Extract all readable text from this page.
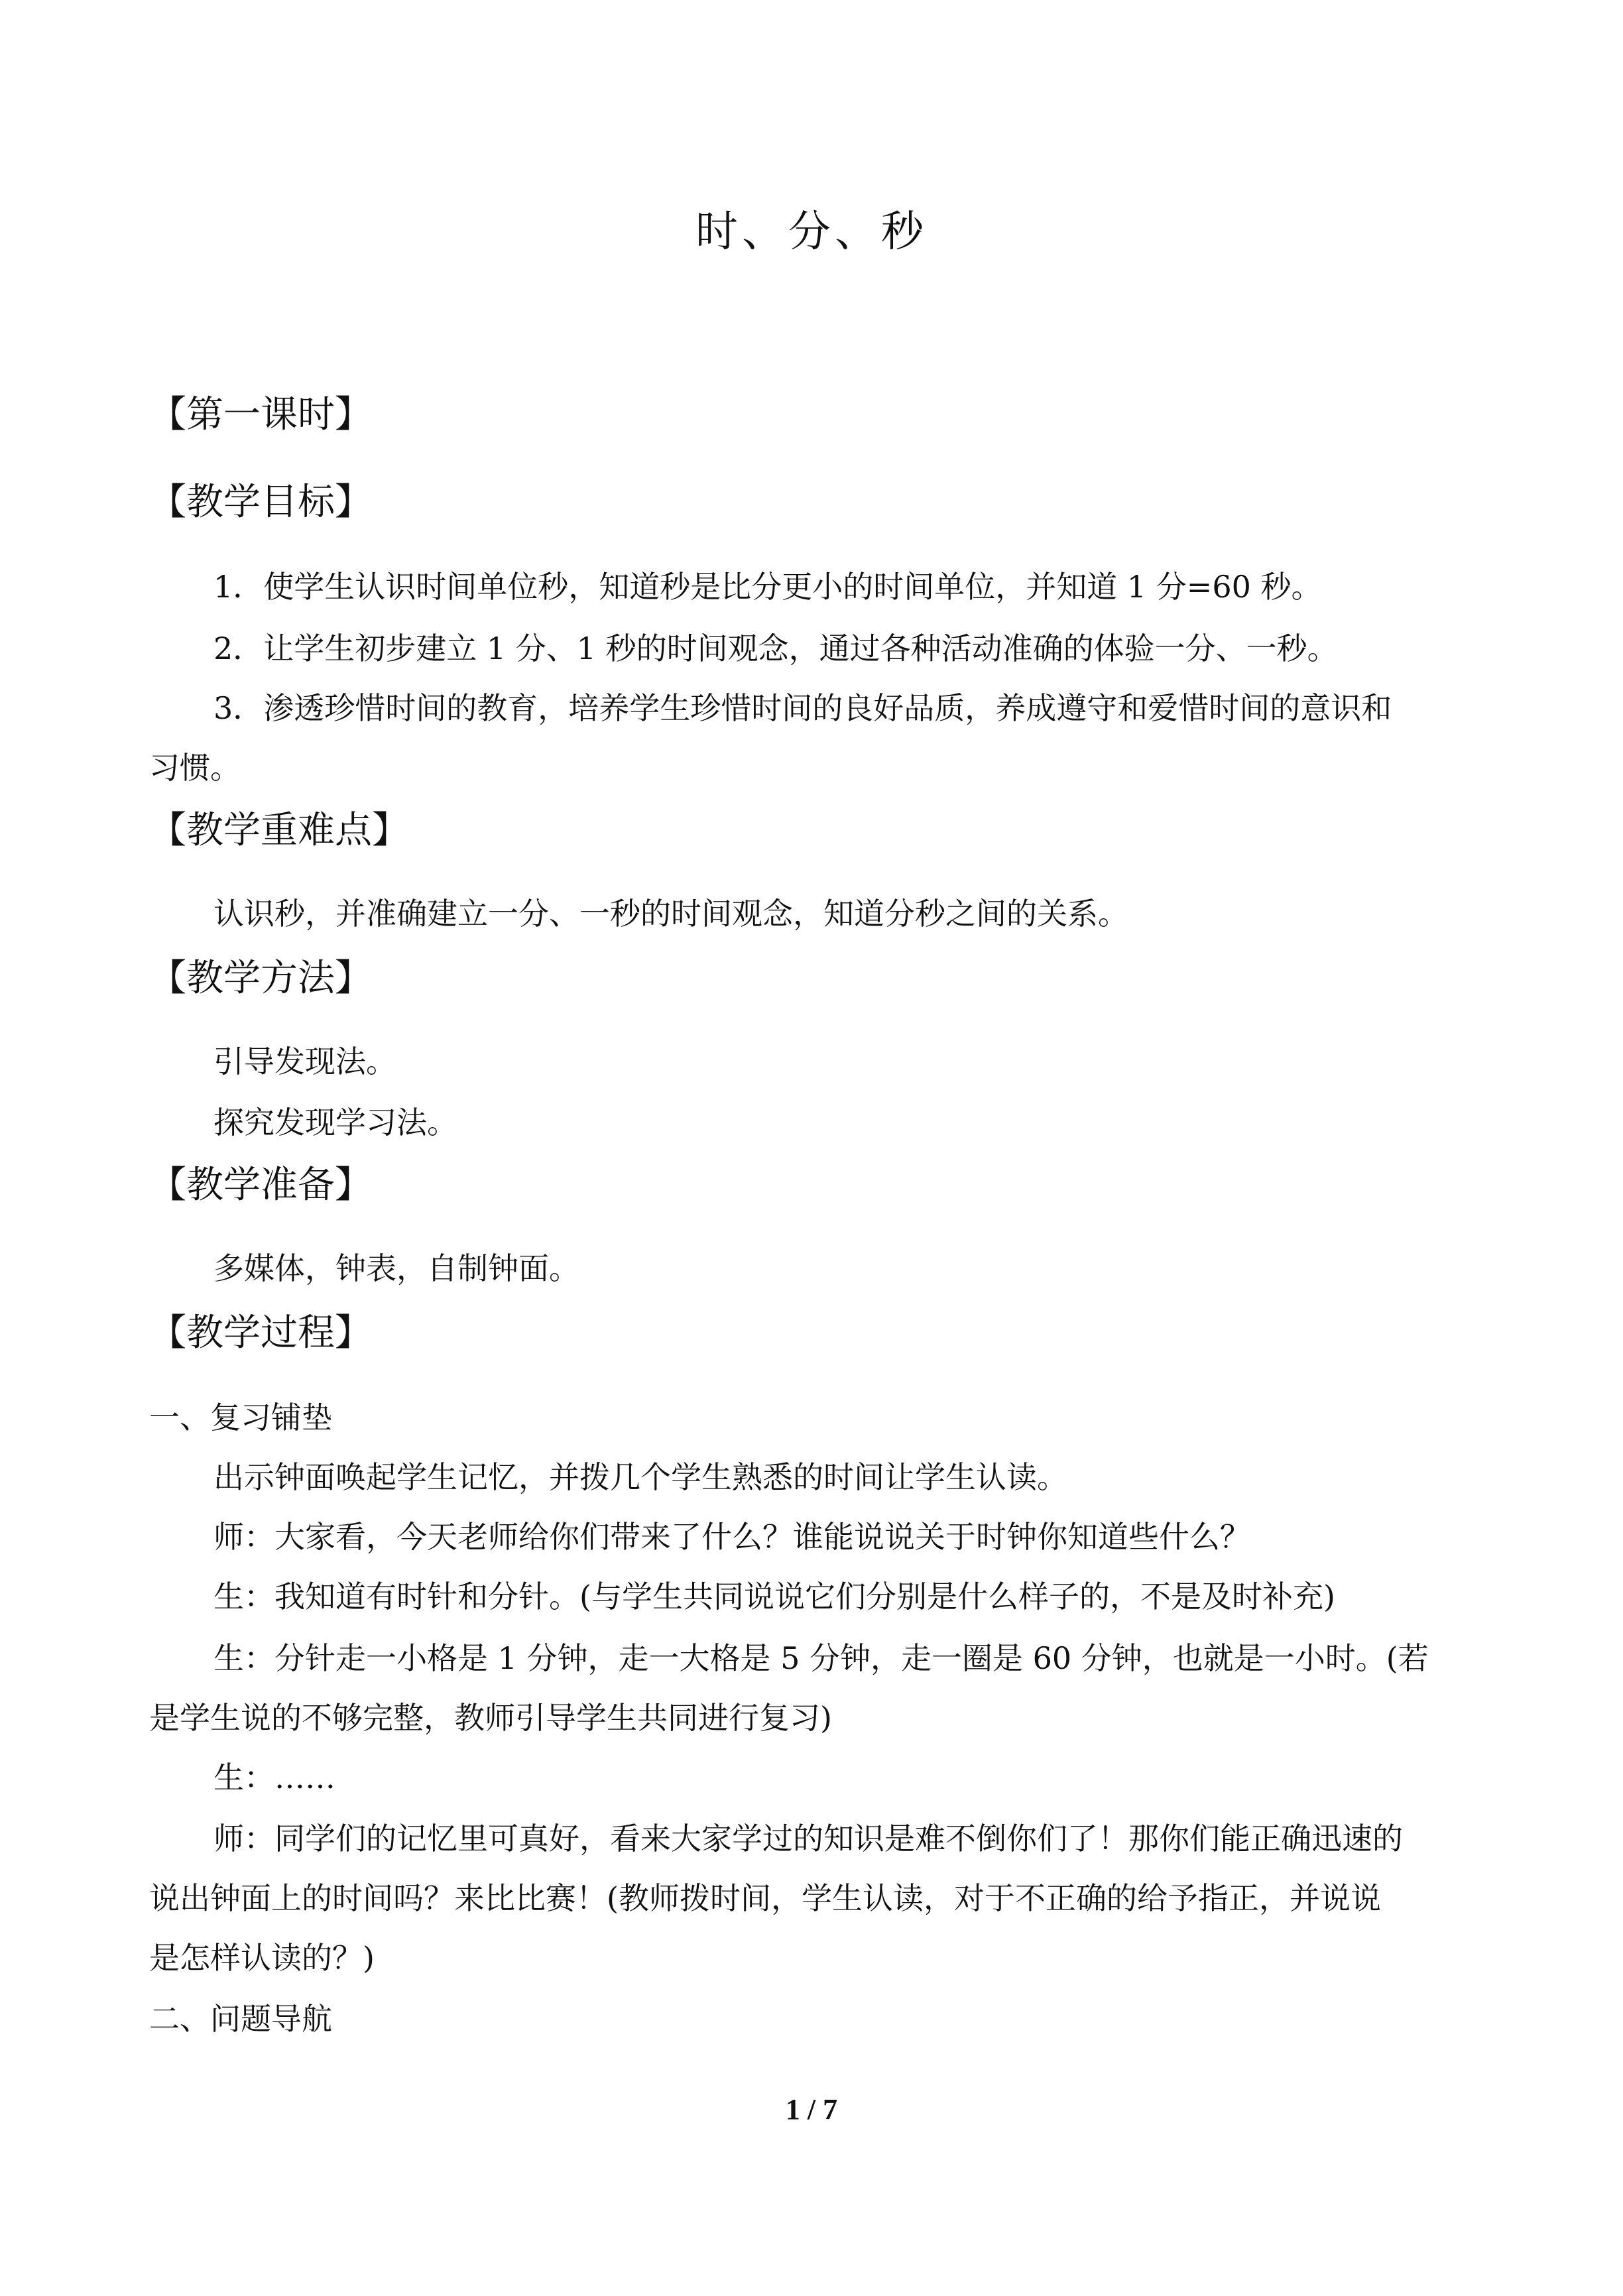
时、分、秒
【第一课时】
【教学目标】
1．使学生认识时间单位秒，知道秒是比分更小的时间单位，并知道 1 分=60 秒。
2．让学生初步建立 1 分、1 秒的时间观念，通过各种活动准确的体验一分、一秒。
3．渗透珍惜时间的教育，培养学生珍惜时间的良好品质，养成遵守和爱惜时间的意识和
习惯。
【教学重难点】
认识秒，并准确建立一分、一秒的时间观念，知道分秒之间的关系。
【教学方法】
引导发现法。
探究发现学习法。
【教学准备】
多媒体，钟表，自制钟面。
【教学过程】
一、复习铺垫
出示钟面唤起学生记忆，并拨几个学生熟悉的时间让学生认读。
师：大家看，今天老师给你们带来了什么？谁能说说关于时钟你知道些什么？
生：我知道有时针和分针。(与学生共同说说它们分别是什么样子的，不是及时补充)
生：分针走一小格是 1 分钟，走一大格是 5 分钟，走一圈是 60 分钟，也就是一小时。(若
是学生说的不够完整，教师引导学生共同进行复习)
生：……
师：同学们的记忆里可真好，看来大家学过的知识是难不倒你们了！那你们能正确迅速的
说出钟面上的时间吗？来比比赛！(教师拨时间，学生认读，对于不正确的给予指正，并说说
是怎样认读的？)
二、问题导航
1 / 7
